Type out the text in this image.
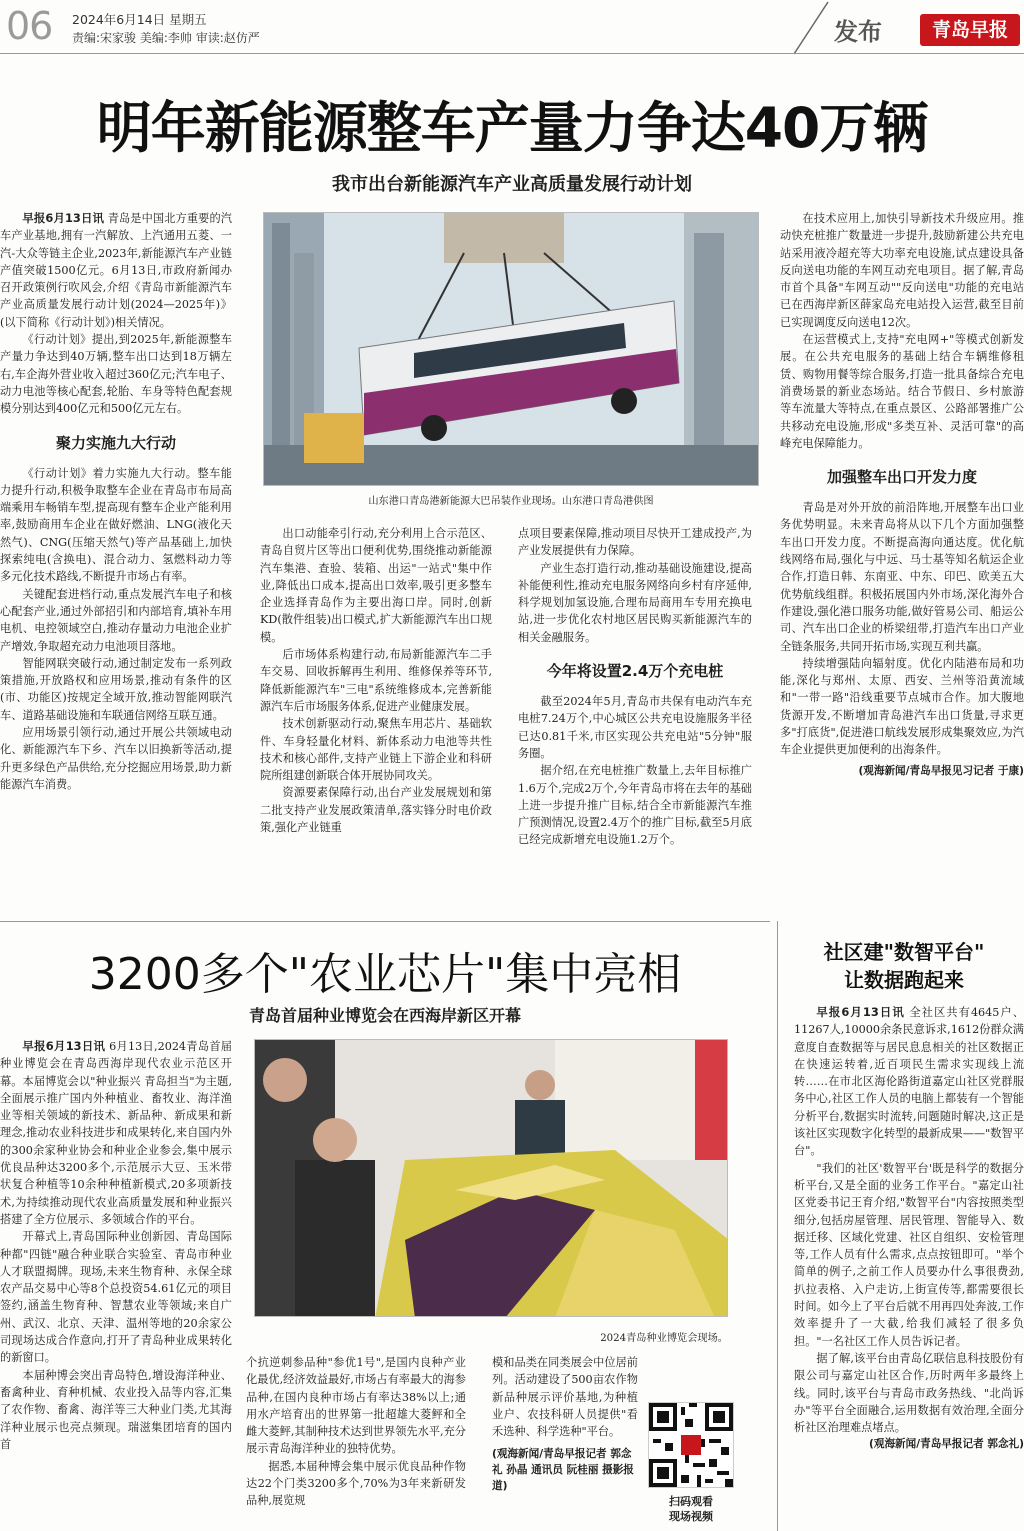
06 2024年6月14日 星期五
责编:宋家骏 美编:李帅 审读:赵仿严	发布	青岛早报
明年新能源整车产量力争达40万辆
我市出台新能源汽车产业高质量发展行动计划

早报6月13日讯 青岛是中国北方重要的汽车产业基地,拥有一汽解放、上汽通用五菱、一汽-大众等链主企业,2023年,新能源汽车产业链产值突破1500亿元。6月13日,市政府新闻办召开政策例行吹风会,介绍《青岛市新能源汽车产业高质量发展行动计划(2024—2025年)》(以下简称《行动计划》)相关情况。

《行动计划》提出,到2025年,新能源整车产量力争达到40万辆,整车出口达到18万辆左右,车企海外营业收入超过360亿元;汽车电子、动力电池等核心配套,轮胎、车身等特色配套规模分别达到400亿元和500亿元左右。

聚力实施九大行动

《行动计划》着力实施九大行动。整车能力提升行动,积极争取整车企业在青岛市布局高端乘用车畅销车型,提高现有整车企业产能利用率,鼓励商用车企业在做好燃油、LNG(液化天然气)、CNG(压缩天然气)等产品基础上,加快探索纯电(含换电)、混合动力、氢燃料动力等多元化技术路线,不断提升市场占有率。

关键配套进档行动,重点发展汽车电子和核心配套产业,通过外部招引和内部培育,填补车用电机、电控领域空白,推动存量动力电池企业扩产增效,争取超充动力电池项目落地。

智能网联突破行动,通过制定发布一系列政策措施,开放路权和应用场景,推动有条件的区(市、功能区)按规定全域开放,推动智能网联汽车、道路基础设施和车联通信网络互联互通。

应用场景引领行动,通过开展公共领域电动化、新能源汽车下乡、汽车以旧换新等活动,提升更多绿色产品供给,充分挖掘应用场景,助力新能源汽车消费。

山东港口青岛港新能源大巴吊装作业现场。山东港口青岛港供图

出口动能牵引行动,充分利用上合示范区、青岛自贸片区等出口便利优势,围绕推动新能源汽车集港、查验、装箱、出运"一站式"集中作业,降低出口成本,提高出口效率,吸引更多整车企业选择青岛作为主要出海口岸。同时,创新KD(散件组装)出口模式,扩大新能源汽车出口规模。

后市场体系构建行动,布局新能源汽车二手车交易、回收拆解再生利用、维修保养等环节,降低新能源汽车"三电"系统维修成本,完善新能源汽车后市场服务体系,促进产业健康发展。

技术创新驱动行动,聚焦车用芯片、基础软件、车身轻量化材料、新体系动力电池等共性技术和核心部件,支持产业链上下游企业和科研院所组建创新联合体开展协同攻关。

资源要素保障行动,出台产业发展规划和第二批支持产业发展政策清单,落实锋分时电价政策,强化产业链重

点项目要素保障,推动项目尽快开工建成投产,为产业发展提供有力保障。

产业生态打造行动,推动基础设施建设,提高补能便利性,推动充电服务网络向乡村有序延伸,科学规划加氢设施,合理布局商用车专用充换电站,进一步优化农村地区居民购买新能源汽车的相关金融服务。

今年将设置2.4万个充电桩

截至2024年5月,青岛市共保有电动汽车充电桩7.24万个,中心城区公共充电设施服务半径已达0.81千米,市区实现公共充电站"5分钟"服务圈。

据介绍,在充电桩推广数量上,去年目标推广1.6万个,完成2万个,今年青岛市将在去年的基础上进一步提升推广目标,结合全市新能源汽车推广预测情况,设置2.4万个的推广目标,截至5月底已经完成新增充电设施1.2万个。

在技术应用上,加快引导新技术升级应用。推动快充桩推广数量进一步提升,鼓励新建公共充电站采用液冷超充等大功率充电设施,试点建设具备反向送电功能的车网互动充电项目。据了解,青岛市首个具备"车网互动""反向送电"功能的充电站已在西海岸新区薛家岛充电站投入运营,截至目前已实现调度反向送电12次。

在运营模式上,支持"充电网+"等模式创新发展。在公共充电服务的基础上结合车辆维修租赁、购物用餐等综合服务,打造一批具备综合充电消费场景的新业态场站。结合节假日、乡村旅游等车流量大等特点,在重点景区、公路部署推广公共移动充电设施,形成"多类互补、灵活可靠"的高峰充电保障能力。

加强整车出口开发力度

青岛是对外开放的前沿阵地,开展整车出口业务优势明显。未来青岛将从以下几个方面加强整车出口开发力度。不断提高海向通达度。优化航线网络布局,强化与中远、马士基等知名航运企业合作,打造日韩、东南亚、中东、印巴、欧美五大优势航线组群。积极拓展国内外市场,深化海外合作建设,强化港口服务功能,做好管易公司、船运公司、汽车出口企业的桥梁纽带,打造汽车出口产业全链条服务,共同开拓市场,实现互利共赢。

持续增强陆向辐射度。优化内陆港布局和功能,深化与郑州、太原、西安、兰州等沿黄流域和"一带一路"沿线重要节点城市合作。加大腹地货源开发,不断增加青岛港汽车出口货量,寻求更多"打底货",促进港口航线发展形成集聚效应,为汽车企业提供更加便利的出海条件。

(观海新闻/青岛早报见习记者 于康)
3200多个"农业芯片"集中亮相
青岛首届种业博览会在西海岸新区开幕

早报6月13日讯 6月13日,2024青岛首届种业博览会在青岛西海岸现代农业示范区开幕。本届博览会以"种业振兴 青岛担当"为主题,全面展示推广国内外种植业、畜牧业、海洋渔业等相关领域的新技术、新品种、新成果和新理念,推动农业科技进步和成果转化,来自国内外的300余家种业协会和种业企业参会,集中展示优良品种达3200多个,示范展示大豆、玉米带状复合种植等10余种种植新模式,20多项新技术,为持续推动现代农业高质量发展和种业振兴搭建了全方位展示、多领域合作的平台。

开幕式上,青岛国际种业创新园、青岛国际种都"四链"融合种业联合实验室、青岛市种业人才联盟揭牌。现场,未来生物育种、永保全球农产品交易中心等8个总投资54.61亿元的项目签约,涵盖生物育种、智慧农业等领域;来自广州、武汉、北京、天津、温州等地的20余家公司现场达成合作意向,打开了青岛种业成果转化的新窗口。

本届种博会突出青岛特色,增设海洋种业、畜禽种业、育种机械、农业投入品等内容,汇集了农作物、畜禽、海洋等三大种业门类,尤其海洋种业展示也亮点频现。瑞滋集团培育的国内首

2024青岛种业博览会现场。

个抗逆刺参品种"参优1号",是国内良种产业化最优,经济效益最好,市场占有率最大的海参品种,在国内良种市场占有率达38%以上;通用水产培育出的世界第一批超雄大菱鲆和全雌大菱鲆,其制种技术达到世界领先水平,充分展示青岛海洋种业的独特优势。

据悉,本届种博会集中展示优良品种作物达22个门类3200多个,70%为3年来新研发品种,展览规

模和品类在同类展会中位居前列。活动建设了500亩农作物新品种展示评价基地,为种植业户、农技科研人员提供"看禾选种、科学选种"平台。

(观海新闻/青岛早报记者 郭念礼 孙晶 通讯员 阮桂丽 摄影报道)
扫码观看
现场视频
社区建"数智平台"
让数据跑起来

早报6月13日讯 全社区共有4645户、11267人,10000余条民意诉求,1612份群众满意度自查数据等与居民息息相关的社区数据正在快速运转着,近百项民生需求实现线上流转……在市北区海伦路街道嘉定山社区党群服务中心,社区工作人员的电脑上都装有一个智能分析平台,数据实时流转,问题随时解决,这正是该社区实现数字化转型的最新成果——"数智平台"。

"我们的社区'数智平台'既是科学的数据分析平台,又是全面的业务工作平台。"嘉定山社区党委书记王育介绍,"数智平台"内容按照类型细分,包括房屋管理、居民管理、智能导入、数据迁移、区域化党建、社区自组织、安检管理等,工作人员有什么需求,点点按钮即可。"举个简单的例子,之前工作人员要办什么事很费劲,扒拉表格、入户走访,上街宣传等,都需要很长时间。如今上了平台后就不用再四处奔波,工作效率提升了一大截,给我们减轻了很多负担。"一名社区工作人员告诉记者。

据了解,该平台由青岛亿联信息科技股份有限公司与嘉定山社区合作,历时两年多最终上线。同时,该平台与青岛市政务热线、"北尚诉办"等平台全面融合,运用数据有效治理,全面分析社区治理难点堵点。

(观海新闻/青岛早报记者 郭念礼)
